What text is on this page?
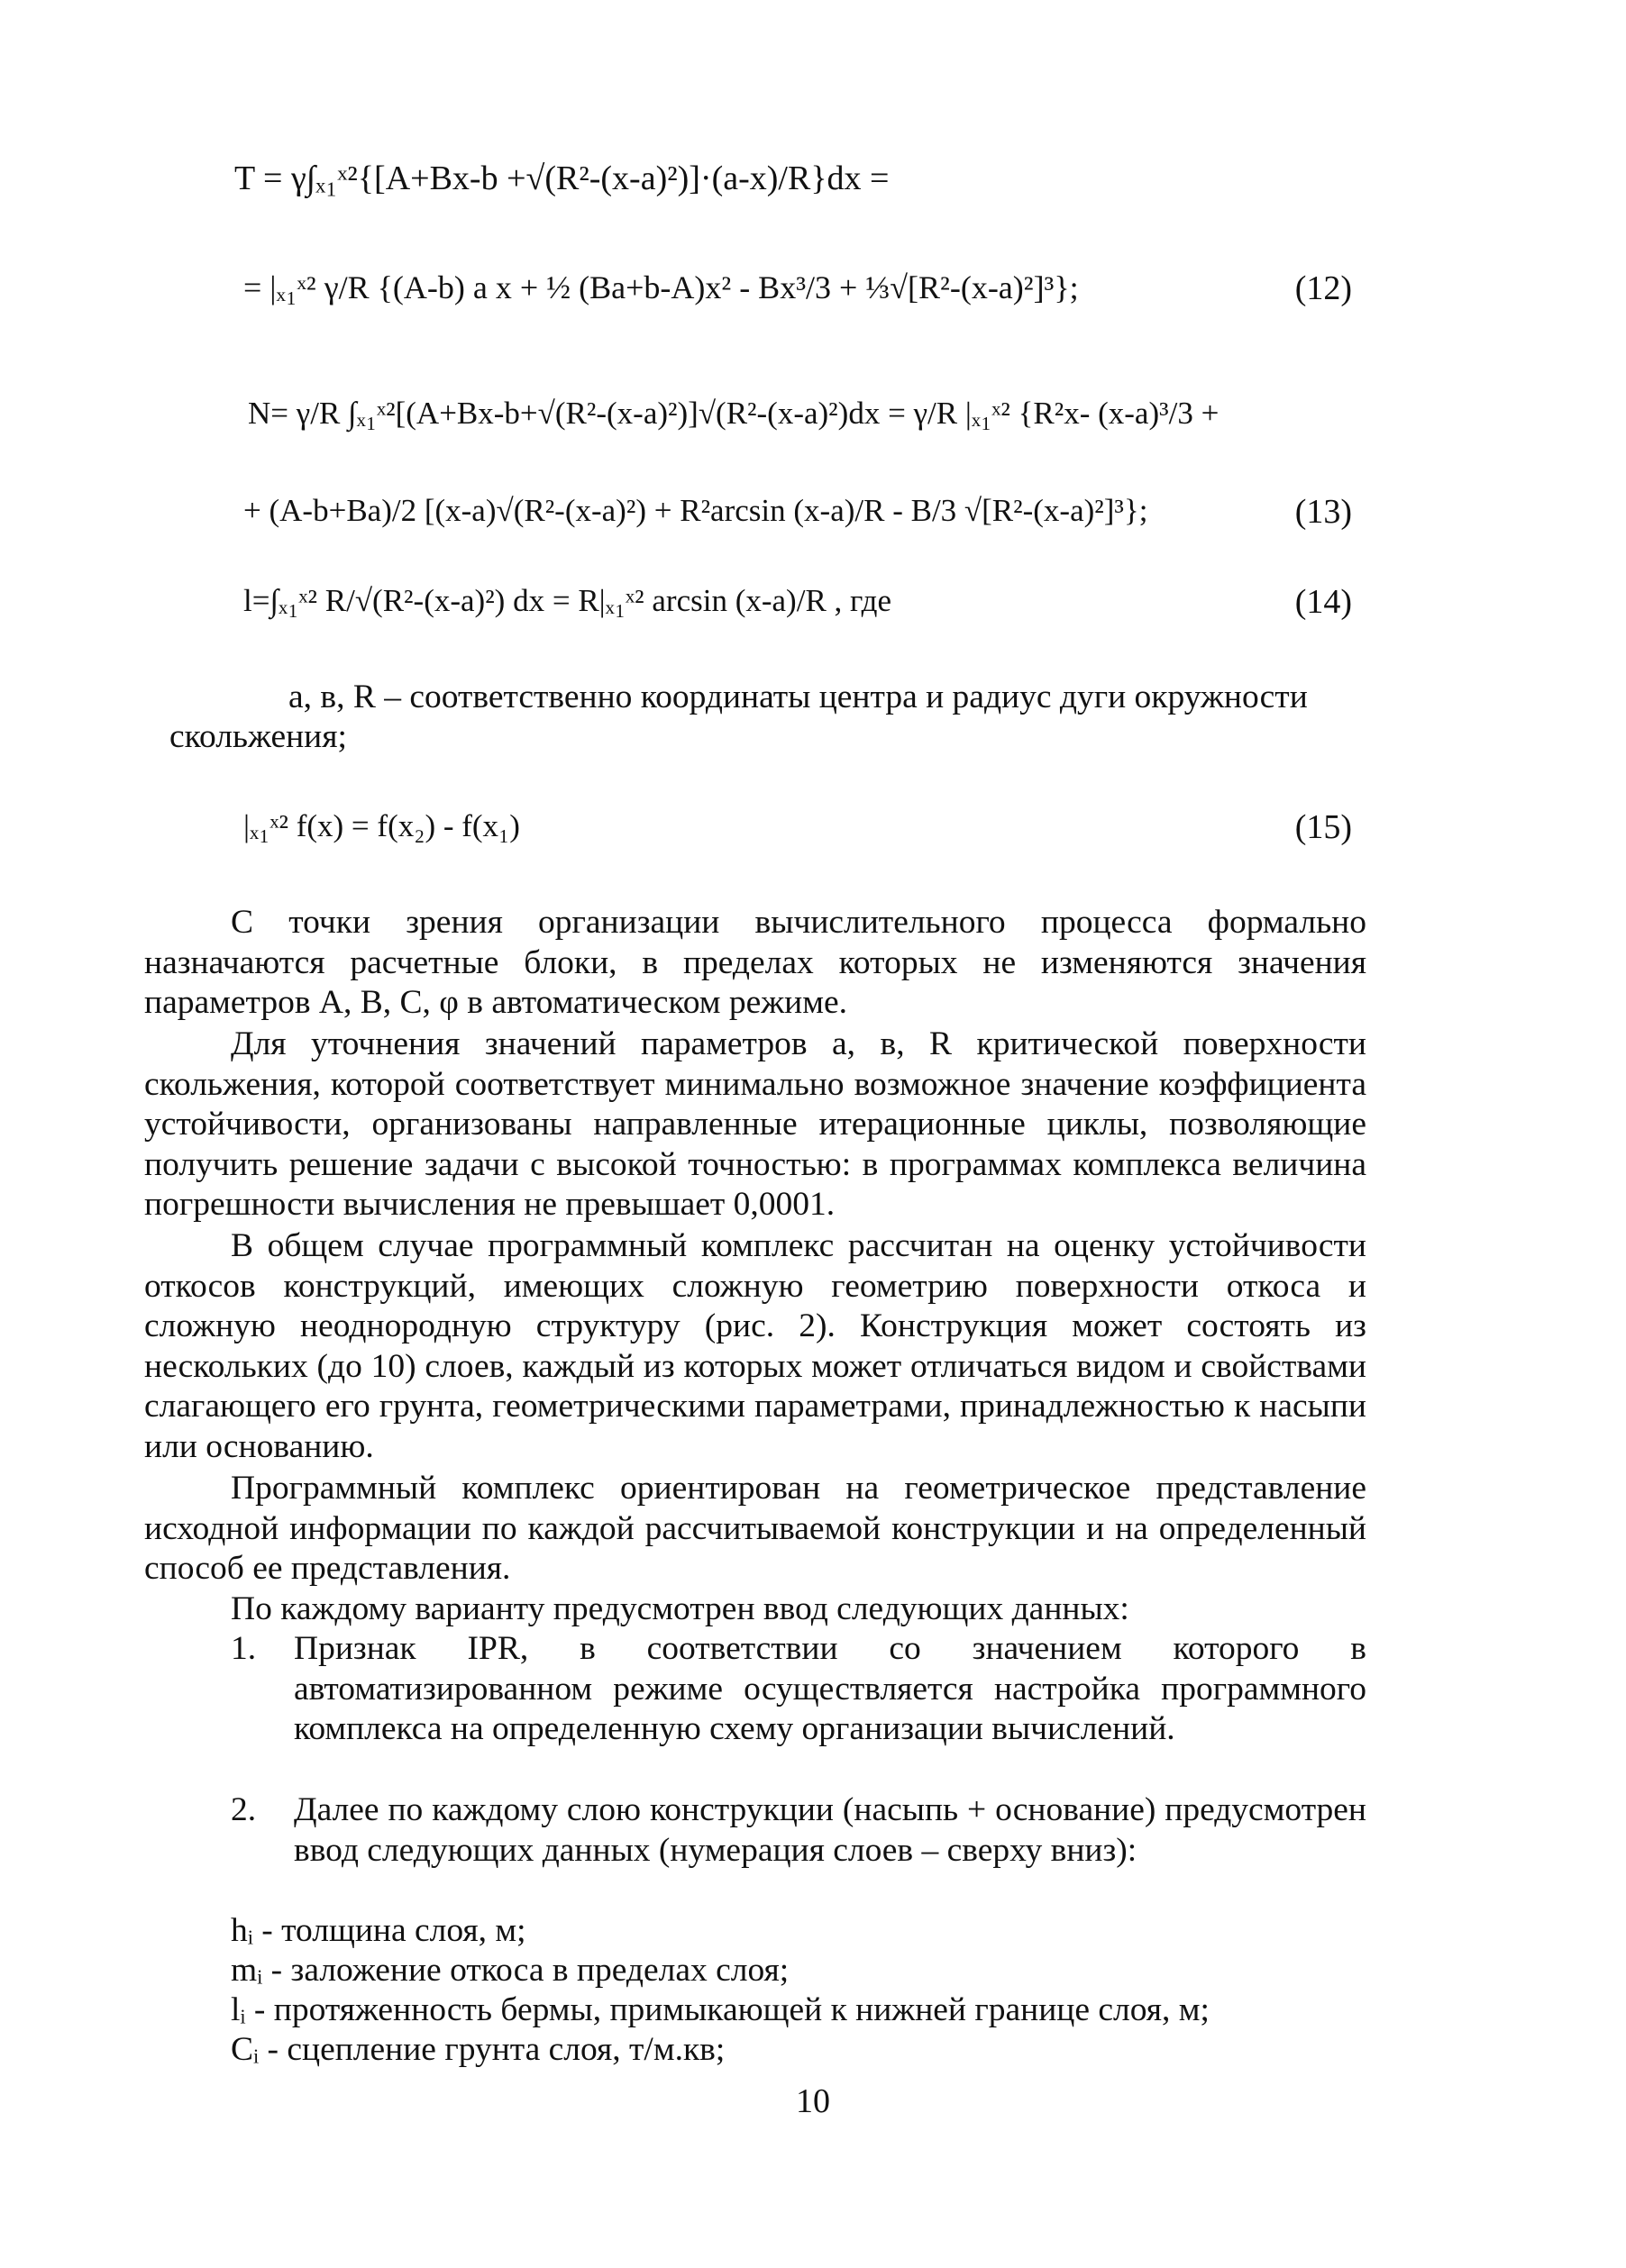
T = γ∫ₓ₁ˣ²{[A+Bx-b +√(R²-(x-a)²)]·(a-x)/R}dx =
= |ₓ₁ˣ² γ/R {(A-b) a x + ½ (Ba+b-A)x² - Bx³/3 + ⅓√[R²-(x-a)²]³};	(12)
N= γ/R ∫ₓ₁ˣ²[(A+Bx-b+√(R²-(x-a)²)]√(R²-(x-a)²)dx = γ/R |ₓ₁ˣ² {R²x- (x-a)³/3 +
+ (A-b+Ba)/2 [(x-a)√(R²-(x-a)²) + R²arcsin (x-a)/R - B/3 √[R²-(x-a)²]³};	(13)
l=∫ₓ₁ˣ² R/√(R²-(x-a)²) dx = R|ₓ₁ˣ² arcsin (x-a)/R , где	(14)
а, в, R – соответственно координаты центра и радиус дуги окружности
скольжения;
|ₓ₁ˣ² f(x) = f(x₂) - f(x₁)	(15)
С точки зрения организации вычислительного процесса формально назначаются расчетные блоки, в пределах которых не изменяются значения параметров A, B, C, φ в автоматическом режиме.
Для уточнения значений параметров а, в, R критической поверхности скольжения, которой соответствует минимально возможное значение коэффициента устойчивости, организованы направленные итерационные циклы, позволяющие получить решение задачи с высокой точностью: в программах комплекса величина погрешности вычисления не превышает 0,0001.
В общем случае программный комплекс рассчитан на оценку устойчивости откосов конструкций, имеющих сложную геометрию поверхности откоса и сложную неоднородную структуру (рис. 2). Конструкция может состоять из нескольких (до 10) слоев, каждый из которых может отличаться видом и свойствами слагающего его грунта, геометрическими параметрами, принадлежностью к насыпи или основанию.
Программный комплекс ориентирован на геометрическое представление исходной информации по каждой рассчитываемой конструкции и на определенный способ ее представления.
По каждому варианту предусмотрен ввод следующих данных:
1. Признак IPR, в соответствии со значением которого в автоматизированном режиме осуществляется настройка программного комплекса на определенную схему организации вычислений.
2. Далее по каждому слою конструкции (насыпь + основание) предусмотрен ввод следующих данных (нумерация слоев – сверху вниз):
hᵢ - толщина слоя, м;
mᵢ - заложение откоса в пределах слоя;
lᵢ - протяженность бермы, примыкающей к нижней границе слоя, м;
Cᵢ - сцепление грунта слоя, т/м.кв;
10
